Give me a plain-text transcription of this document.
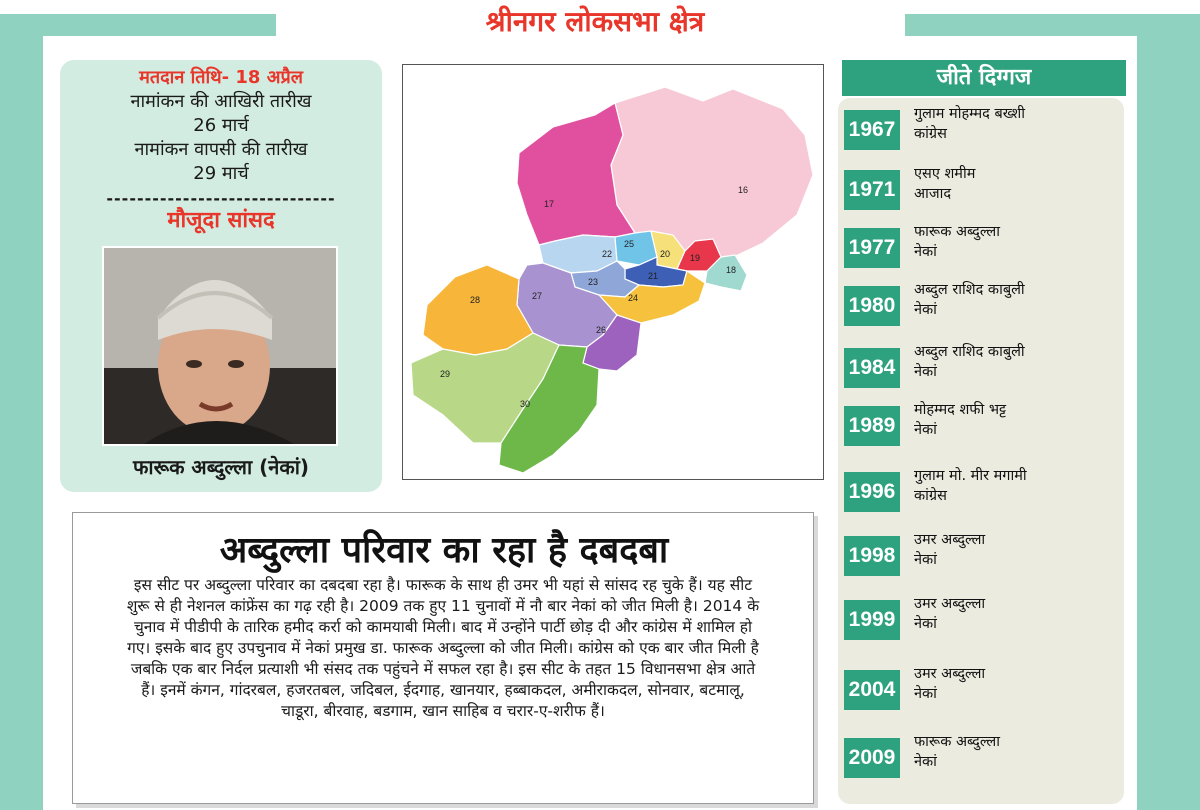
श्रीनगर लोकसभा क्षेत्र
मतदान तिथि- 18 अप्रैल
नामांकन की आखिरी तारीख
26 मार्च
नामांकन वापसी की तारीख
29 मार्च
------------------------------
मौजूदा सांसद
फारूक अब्दुल्ला (नेकां)
16
17
18
19
20
21
22
23
24
25
26
27
28
29
30
अब्दुल्ला परिवार का रहा है दबदबा
इस सीट पर अब्दुल्ला परिवार का दबदबा रहा है। फारूक के साथ ही उमर भी यहां से सांसद रह चुके हैं। यह सीट शुरू से ही नेशनल कांफ्रेंस का गढ़ रही है। 2009 तक हुए 11 चुनावों में नौ बार नेकां को जीत मिली है। 2014 के चुनाव में पीडीपी के तारिक हमीद कर्रा को कामयाबी मिली। बाद में उन्होंने पार्टी छोड़ दी और कांग्रेस में शामिल हो गए। इसके बाद हुए उपचुनाव में नेकां प्रमुख डा. फारूक अब्दुल्ला को जीत मिली। कांग्रेस को एक बार जीत मिली है जबकि एक बार निर्दल प्रत्याशी भी संसद तक पहुंचने में सफल रहा है। इस सीट के तहत 15 विधानसभा क्षेत्र आते हैं। इनमें कंगन, गांदरबल, हजरतबल, जदिबल, ईदगाह, खानयार, हब्बाकदल, अमीराकदल, सोनवार, बटमालू, चाडूरा, बीरवाह, बडगाम, खान साहिब व चरार-ए-शरीफ हैं।
जीते दिग्गज
1967
गुलाम मोहम्मद बख्शी
कांग्रेस
1971
एसए शमीम
आजाद
1977
फारूक अब्दुल्ला
नेकां
1980
अब्दुल राशिद काबुली
नेकां
1984
अब्दुल राशिद काबुली
नेकां
1989
मोहम्मद शफी भट्ट
नेकां
1996
गुलाम मो. मीर मगामी
कांग्रेस
1998
उमर अब्दुल्ला
नेकां
1999
उमर अब्दुल्ला
नेकां
2004
उमर अब्दुल्ला
नेकां
2009
फारूक अब्दुल्ला
नेकां
